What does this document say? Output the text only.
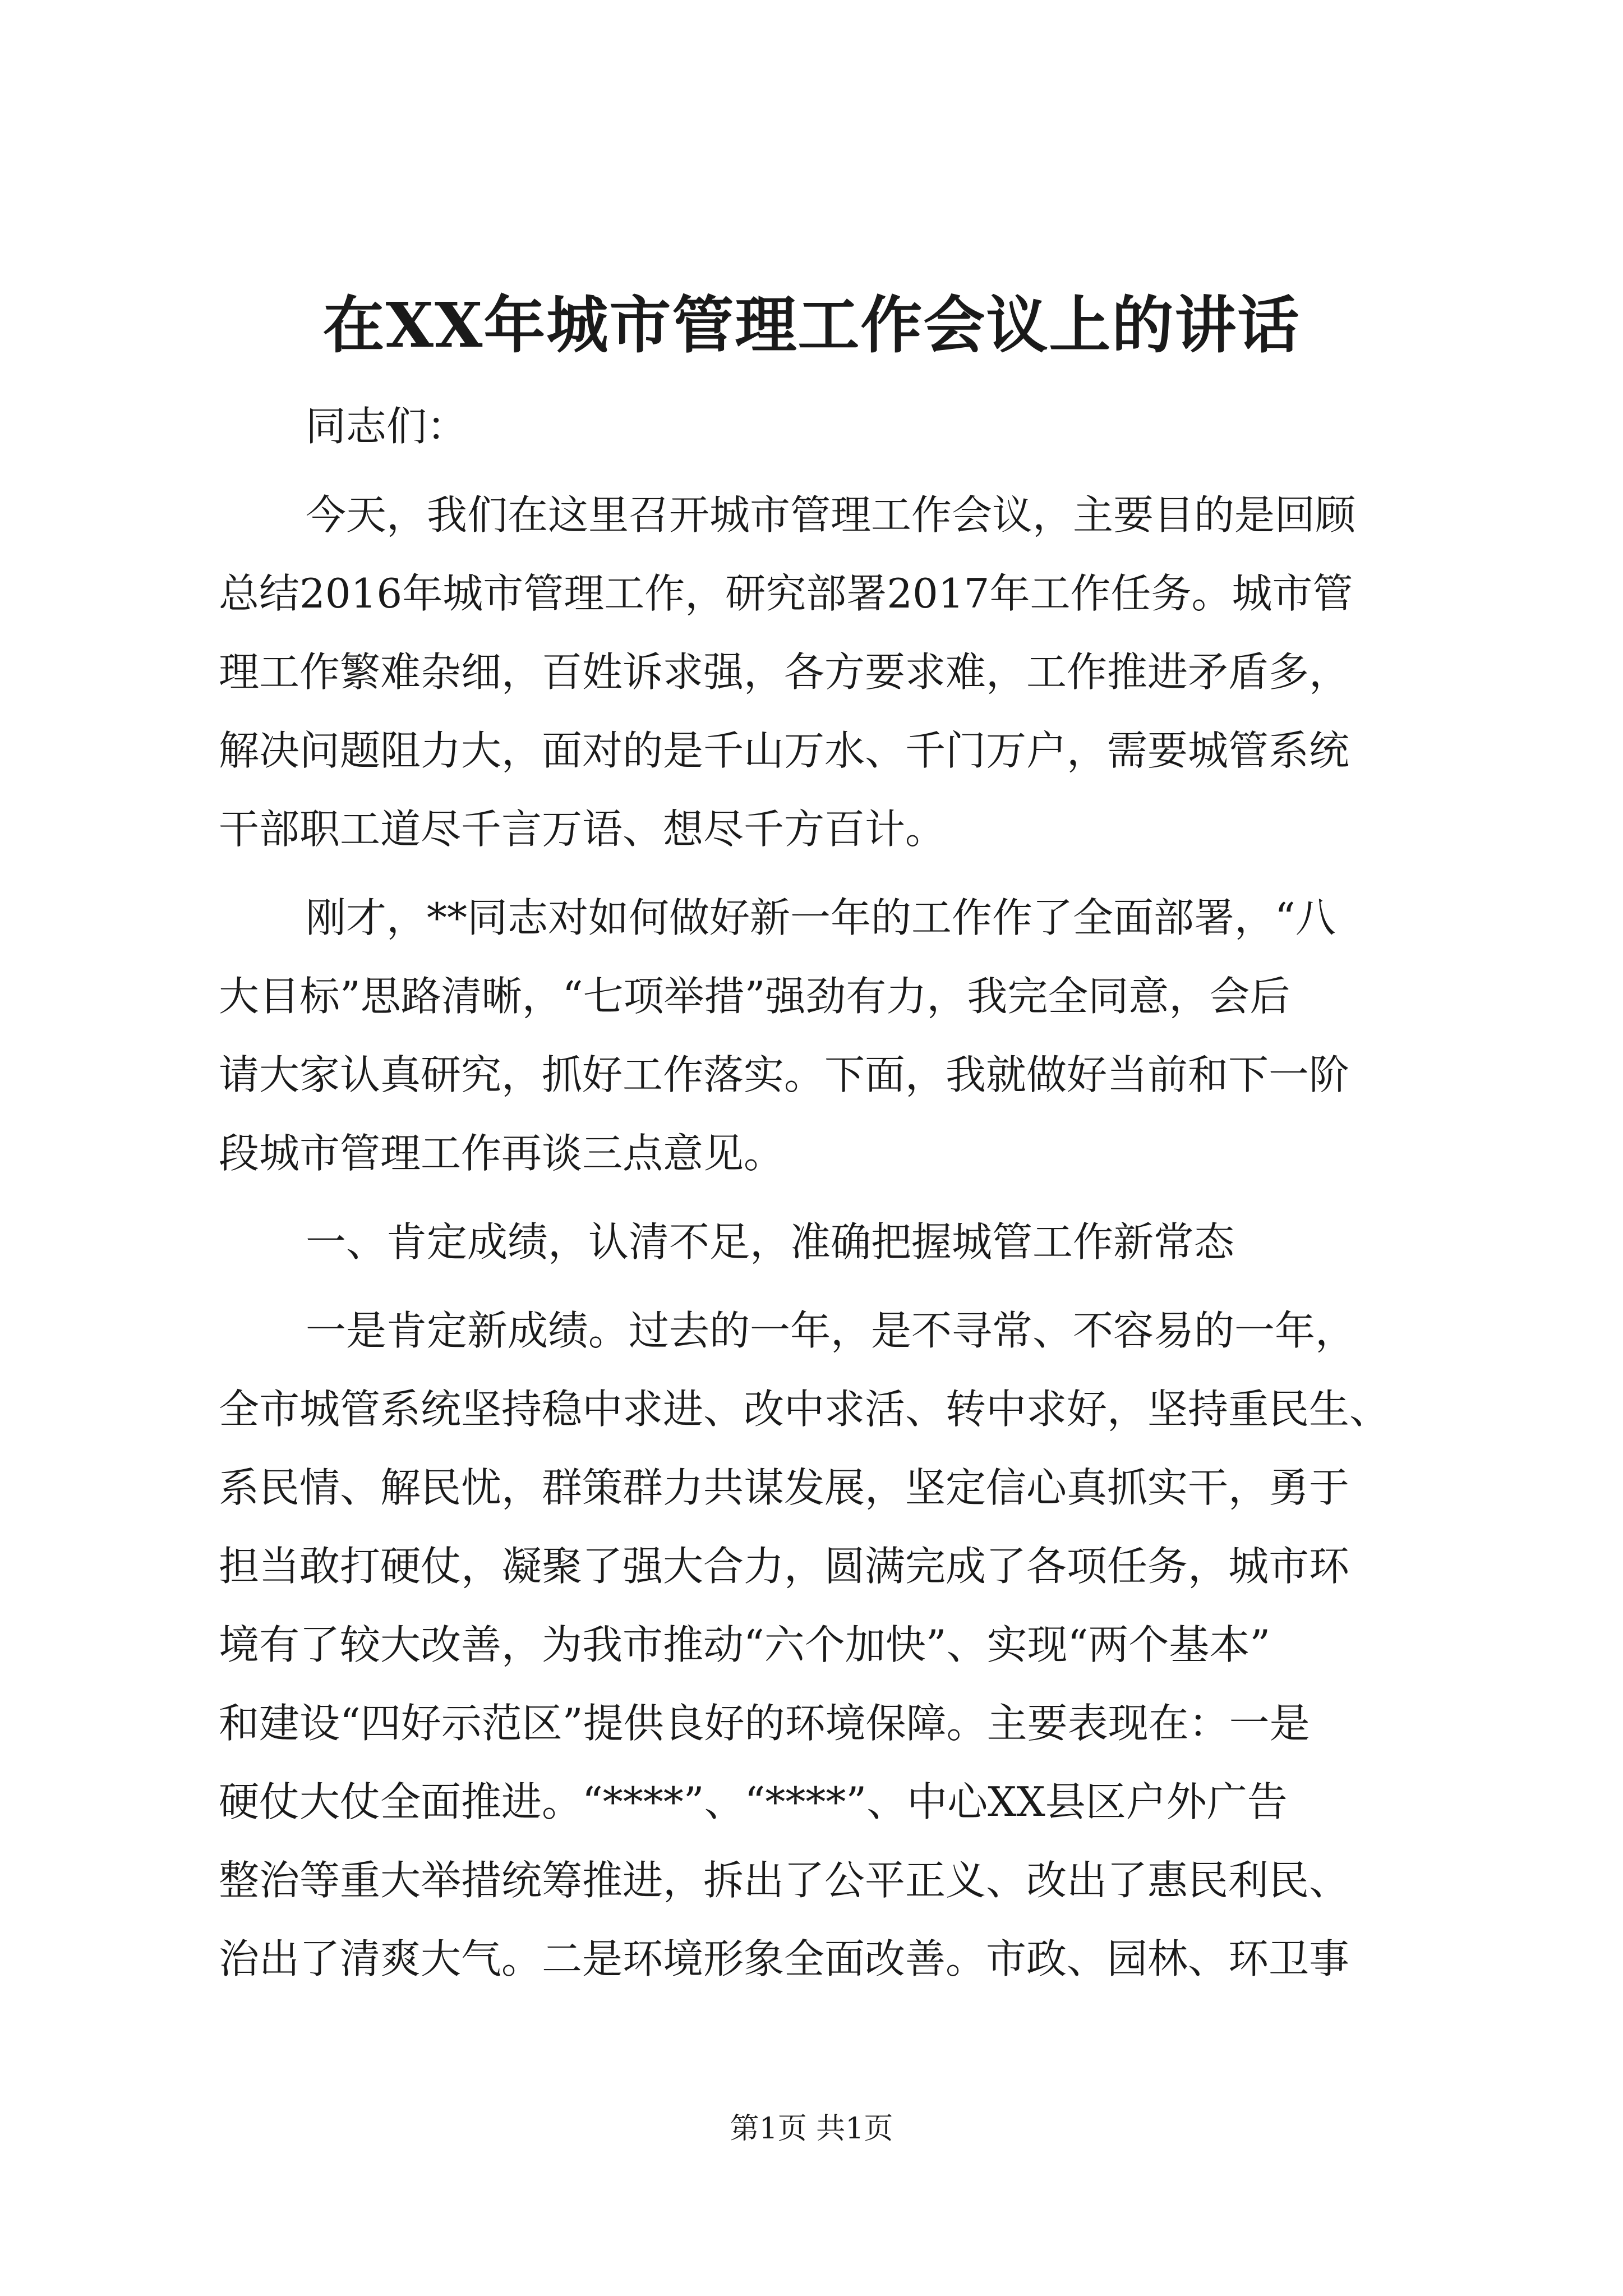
在XX年城市管理工作会议上的讲话
同志们：
今天，我们在这里召开城市管理工作会议，主要目的是回顾
总结2016年城市管理工作，研究部署2017年工作任务。城市管
理工作繁难杂细，百姓诉求强，各方要求难，工作推进矛盾多，
解决问题阻力大，面对的是千山万水、千门万户，需要城管系统
干部职工道尽千言万语、想尽千方百计。
刚才，**同志对如何做好新一年的工作作了全面部署，“八
大目标”思路清晰，“七项举措”强劲有力，我完全同意，会后
请大家认真研究，抓好工作落实。下面，我就做好当前和下一阶
段城市管理工作再谈三点意见。
一、肯定成绩，认清不足，准确把握城管工作新常态
一是肯定新成绩。过去的一年，是不寻常、不容易的一年，
全市城管系统坚持稳中求进、改中求活、转中求好，坚持重民生、
系民情、解民忧，群策群力共谋发展，坚定信心真抓实干，勇于
担当敢打硬仗，凝聚了强大合力，圆满完成了各项任务，城市环
境有了较大改善，为我市推动“六个加快”、实现“两个基本”
和建设“四好示范区”提供良好的环境保障。主要表现在：一是
硬仗大仗全面推进。“****”、“****”、中心XX县区户外广告
整治等重大举措统筹推进，拆出了公平正义、改出了惠民利民、
治出了清爽大气。二是环境形象全面改善。市政、园林、环卫事
第1页 共1页
